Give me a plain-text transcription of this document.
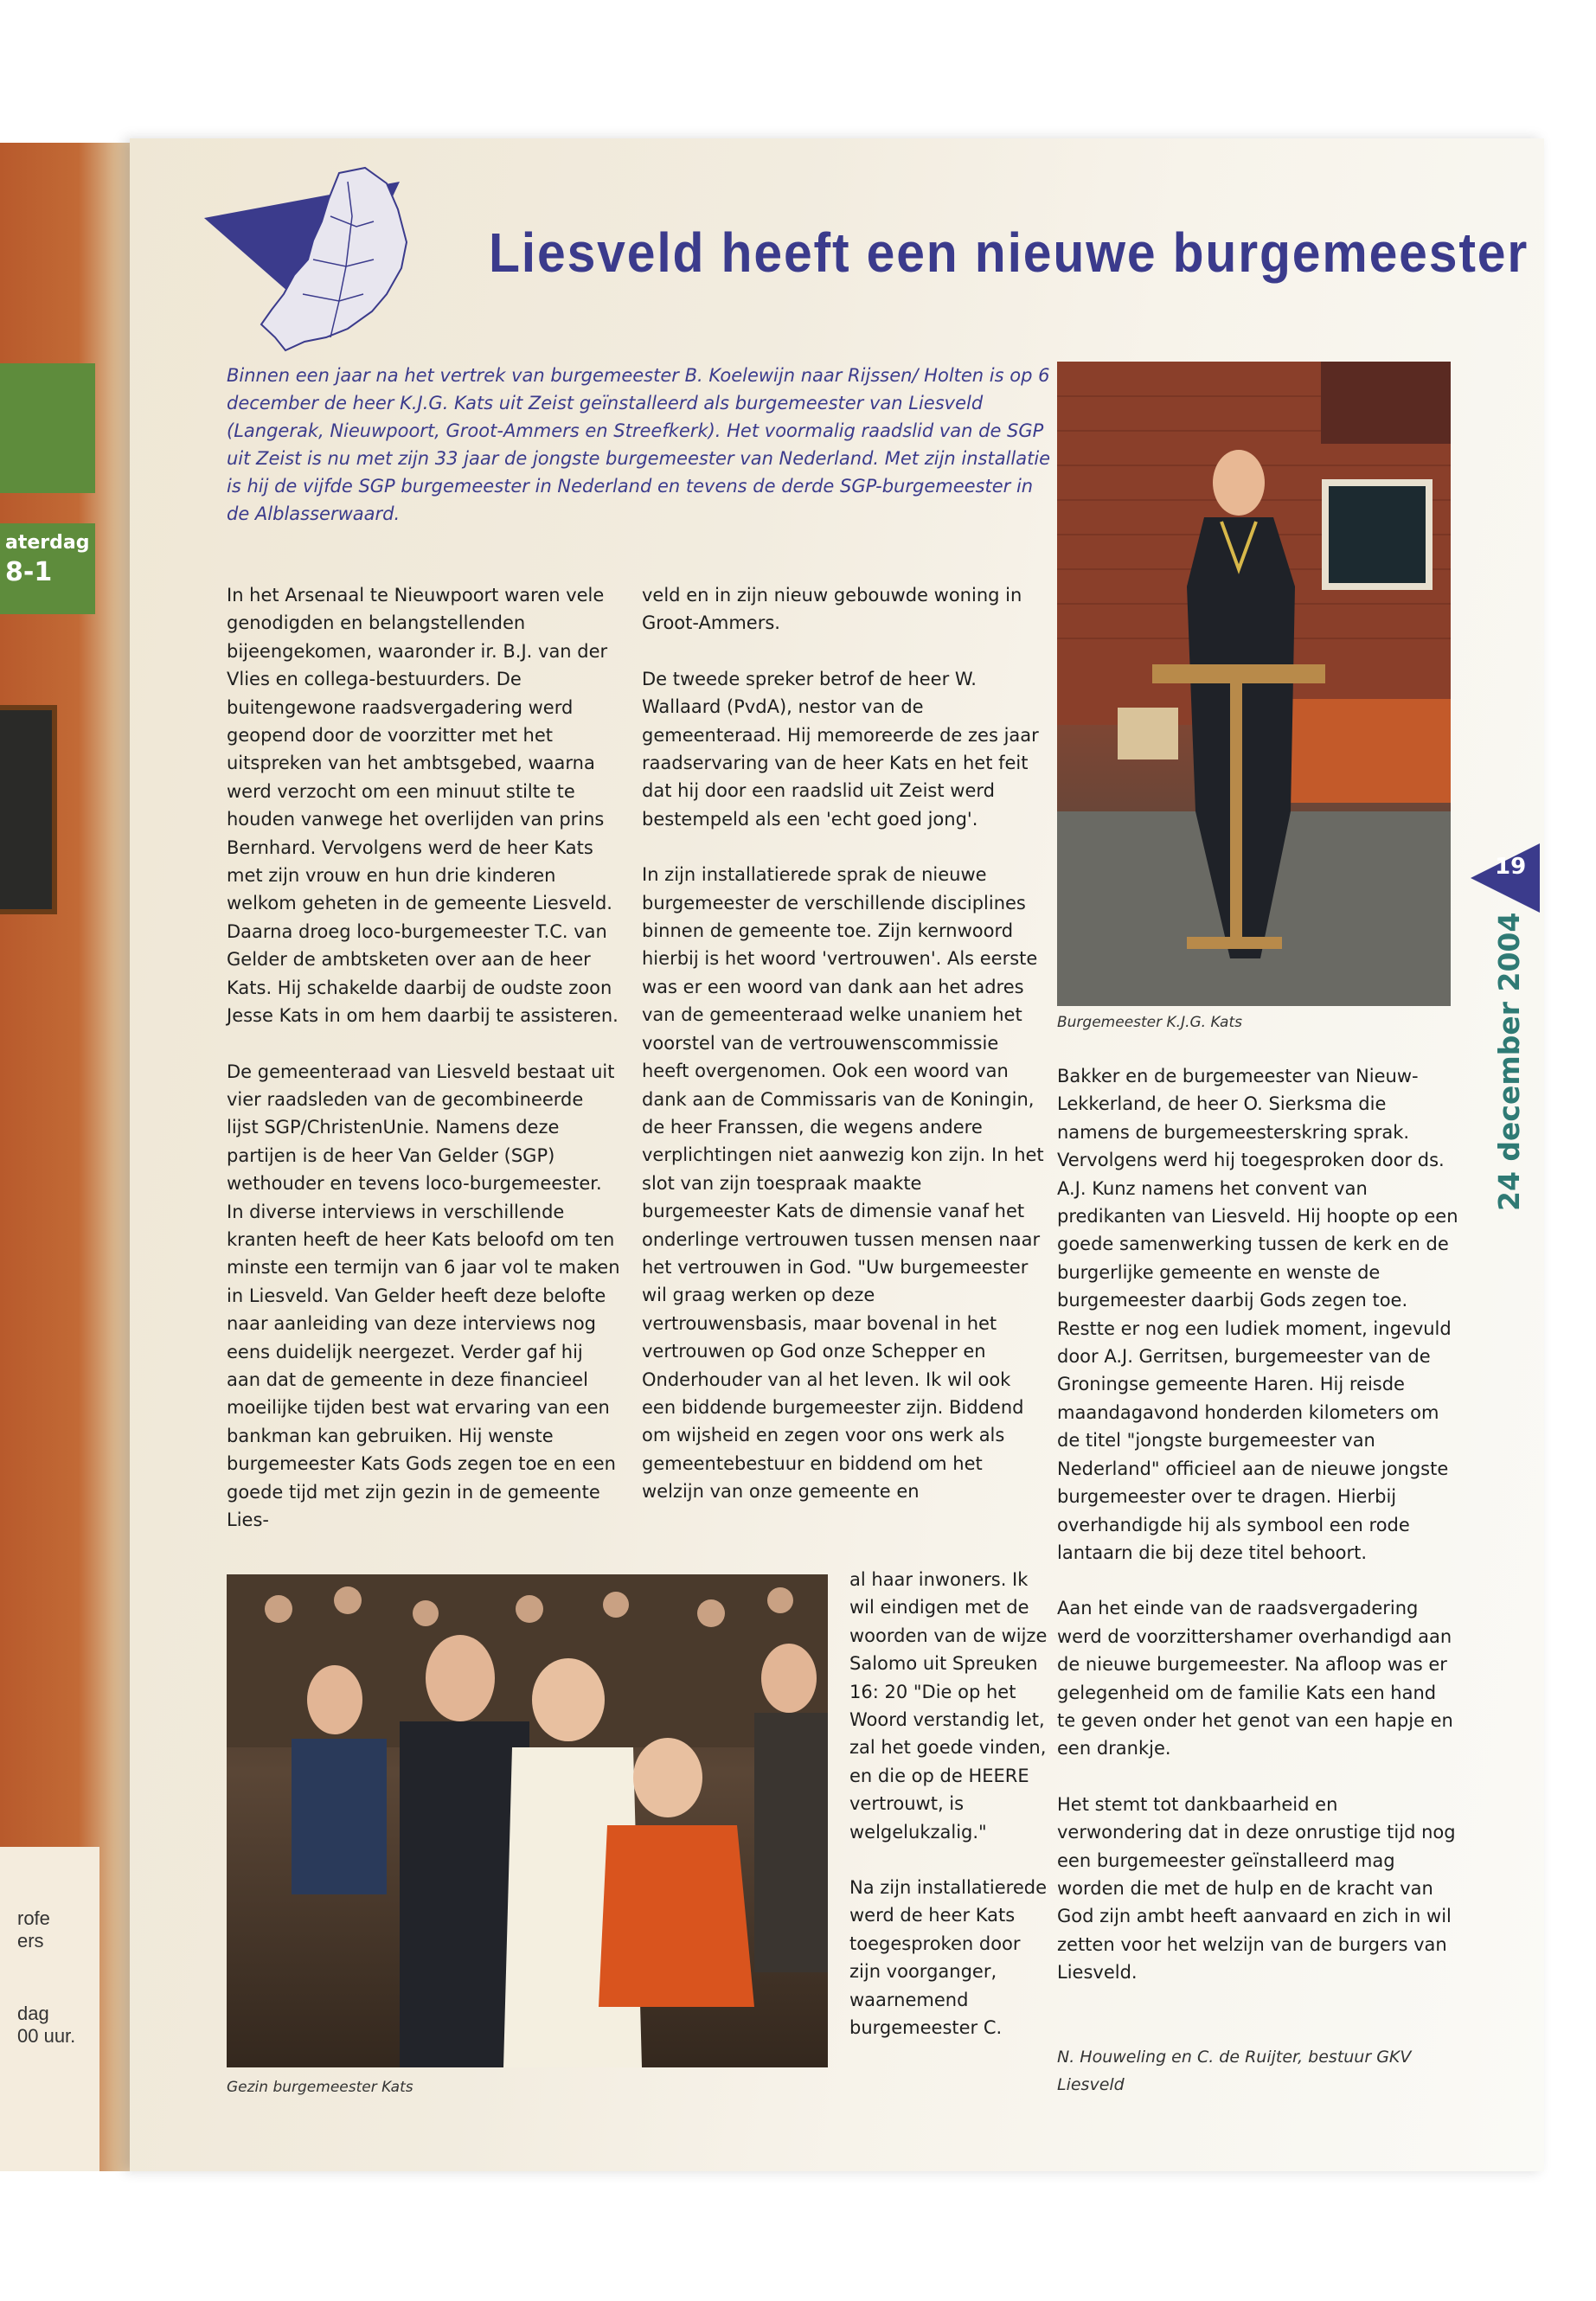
aterdag
8-1
rofe
ers
dag
00 uur.
Liesveld heeft een nieuwe burgemeester
Binnen een jaar na het vertrek van burgemeester B. Koelewijn naar Rijssen/ Holten is op 6 december de heer K.J.G. Kats uit Zeist geïnstalleerd als burgemeester van Liesveld (Langerak, Nieuwpoort, Groot-Ammers en Streefkerk). Het voormalig raadslid van de SGP uit Zeist is nu met zijn 33 jaar de jongste burgemeester van Nederland. Met zijn installatie is hij de vijfde SGP burgemeester in Nederland en tevens de derde SGP-burgemeester in de Alblasserwaard.

In het Arsenaal te Nieuwpoort waren vele genodigden en belangstellenden bijeengekomen, waaronder ir. B.J. van der Vlies en collega-bestuurders. De buitengewone raadsvergadering werd geopend door de voorzitter met het uitspreken van het ambtsgebed, waarna werd verzocht om een minuut stilte te houden vanwege het overlijden van prins Bernhard. Vervolgens werd de heer Kats met zijn vrouw en hun drie kinderen welkom geheten in de gemeente Liesveld. Daarna droeg loco-burgemeester T.C. van Gelder de ambtsketen over aan de heer Kats. Hij schakelde daarbij de oudste zoon Jesse Kats in om hem daarbij te assisteren.

De gemeenteraad van Liesveld bestaat uit vier raadsleden van de gecombineerde lijst SGP/ChristenUnie. Namens deze partijen is de heer Van Gelder (SGP) wethouder en tevens loco-burgemeester. In diverse interviews in verschillende kranten heeft de heer Kats beloofd om ten minste een termijn van 6 jaar vol te maken in Liesveld. Van Gelder heeft deze belofte naar aanleiding van deze interviews nog eens duidelijk neergezet. Verder gaf hij aan dat de gemeente in deze financieel moeilijke tijden best wat ervaring van een bankman kan gebruiken. Hij wenste burgemeester Kats Gods zegen toe en een goede tijd met zijn gezin in de gemeente Lies-

veld en in zijn nieuw gebouwde woning in Groot-Ammers.

De tweede spreker betrof de heer W. Wallaard (PvdA), nestor van de gemeenteraad. Hij memoreerde de zes jaar raadservaring van de heer Kats en het feit dat hij door een raadslid uit Zeist werd bestempeld als een 'echt goed jong'.

In zijn installatierede sprak de nieuwe burgemeester de verschillende disciplines binnen de gemeente toe. Zijn kernwoord hierbij is het woord 'vertrouwen'. Als eerste was er een woord van dank aan het adres van de gemeenteraad welke unaniem het voorstel van de vertrouwenscommissie heeft overgenomen. Ook een woord van dank aan de Commissaris van de Koningin, de heer Franssen, die wegens andere verplichtingen niet aanwezig kon zijn. In het slot van zijn toespraak maakte burgemeester Kats de dimensie vanaf het onderlinge vertrouwen tussen mensen naar het vertrouwen in God. "Uw burgemeester wil graag werken op deze vertrouwensbasis, maar bovenal in het vertrouwen op God onze Schepper en Onderhouder van al het leven. Ik wil ook een biddende burgemeester zijn. Biddend om wijsheid en zegen voor ons werk als gemeentebestuur en biddend om het welzijn van onze gemeente en

al haar inwoners. Ik wil eindigen met de woorden van de wijze Salomo uit Spreuken 16: 20 "Die op het Woord verstandig let, zal het goede vinden, en die op de HEERE vertrouwt, is welgelukzalig."

Na zijn installatierede werd de heer Kats toegesproken door zijn voorganger, waarnemend burgemeester C.

Burgemeester K.J.G. Kats
Gezin burgemeester Kats

Bakker en de burgemeester van Nieuw-Lekkerland, de heer O. Sierksma die namens de burgemeesterskring sprak. Vervolgens werd hij toegesproken door ds. A.J. Kunz namens het convent van predikanten van Liesveld. Hij hoopte op een goede samenwerking tussen de kerk en de burgerlijke gemeente en wenste de burgemeester daarbij Gods zegen toe. Restte er nog een ludiek moment, ingevuld door A.J. Gerritsen, burgemeester van de Groningse gemeente Haren. Hij reisde maandagavond honderden kilometers om de titel "jongste burgemeester van Nederland" officieel aan de nieuwe jongste burgemeester over te dragen. Hierbij overhandigde hij als symbool een rode lantaarn die bij deze titel behoort.

Aan het einde van de raadsvergadering werd de voorzittershamer overhandigd aan de nieuwe burgemeester. Na afloop was er gelegenheid om de familie Kats een hand te geven onder het genot van een hapje en een drankje.

Het stemt tot dankbaarheid en verwondering dat in deze onrustige tijd nog een burgemeester geïnstalleerd mag worden die met de hulp en de kracht van God zijn ambt heeft aanvaard en zich in wil zetten voor het welzijn van de burgers van Liesveld.

N. Houweling en C. de Ruijter, bestuur GKV Liesveld
19
24 december 2004
